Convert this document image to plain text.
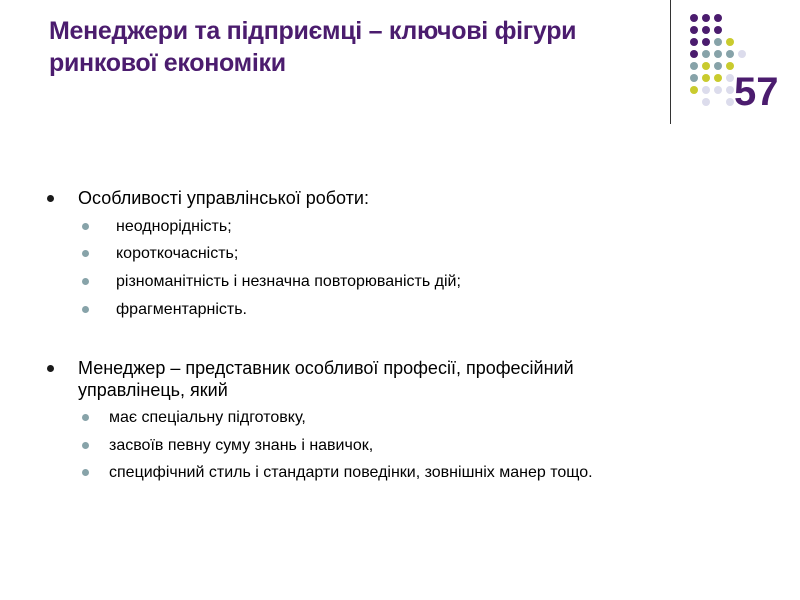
Менеджери та підприємці – ключові фігури
ринкової економіки
57
Особливості управлінської роботи:
неоднорідність;
короткочасність;
різноманітність і незначна повторюваність дій;
фрагментарність.
Менеджер – представник особливої професії, професійний
управлінець, який
має спеціальну підготовку,
засвоїв певну суму знань і навичок,
специфічний стиль і стандарти поведінки, зовнішніх манер тощо.
